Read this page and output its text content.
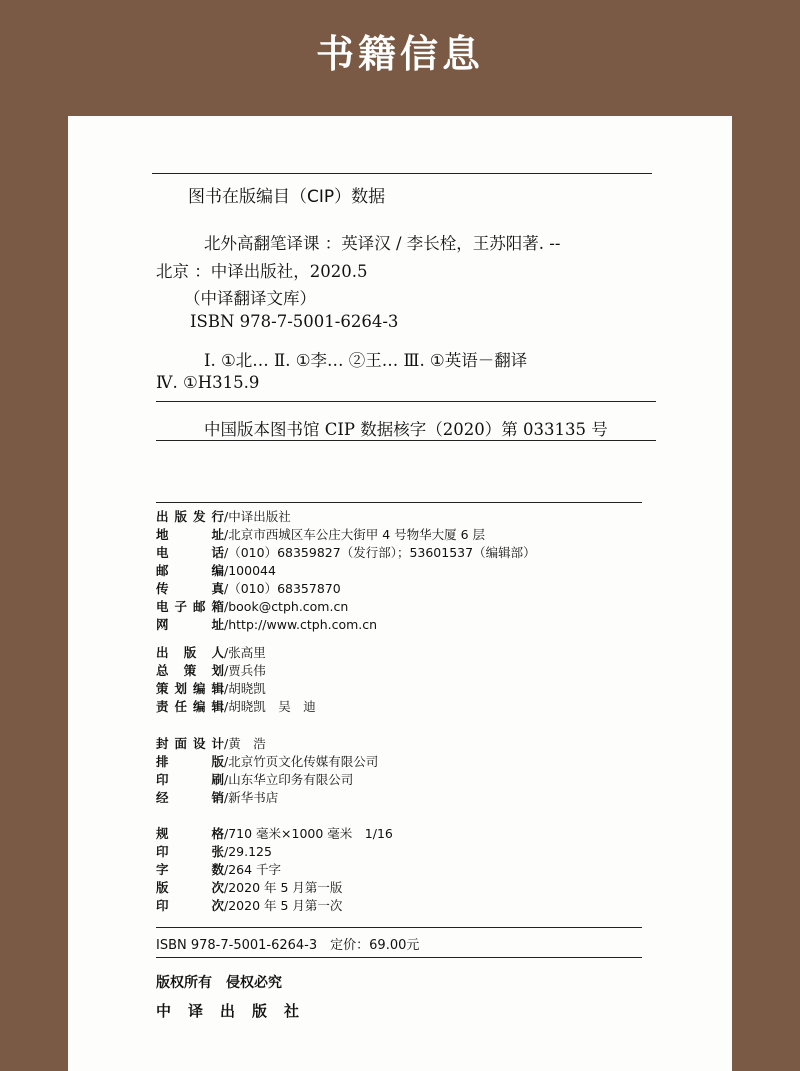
书籍信息
图书在版编目（CIP）数据
北外高翻笔译课 ：英译汉 / 李长栓，王苏阳著. --
北京 ：中译出版社，2020.5
（中译翻译文库）
ISBN 978-7-5001-6264-3
Ⅰ. ①北… Ⅱ. ①李… ②王… Ⅲ. ①英语－翻译
Ⅳ. ①H315.9
中国版本图书馆 CIP 数据核字（2020）第 033135 号
出版发行 / 中译出版社
地　　址 / 北京市西城区车公庄大街甲 4 号物华大厦 6 层
电　　话 / （010）68359827（发行部）；53601537（编辑部）
邮　　编 / 100044
传　　真 / （010）68357870
电子邮箱 / book@ctph.com.cn
网　　址 / http://www.ctph.com.cn
出 版 人 / 张高里
总 策 划 / 贾兵伟
策划编辑 / 胡晓凯
责任编辑 / 胡晓凯　吴　迪
封面设计 / 黄　浩
排　　版 / 北京竹页文化传媒有限公司
印　　刷 / 山东华立印务有限公司
经　　销 / 新华书店
规　　格 / 710 毫米×1000 毫米　1/16
印　　张 / 29.125
字　　数 / 264 千字
版　　次 / 2020 年 5 月第一版
印　　次 / 2020 年 5 月第一次
ISBN 978-7-5001-6264-3　定价：69.00元
版权所有　侵权必究
中　译　出　版　社
